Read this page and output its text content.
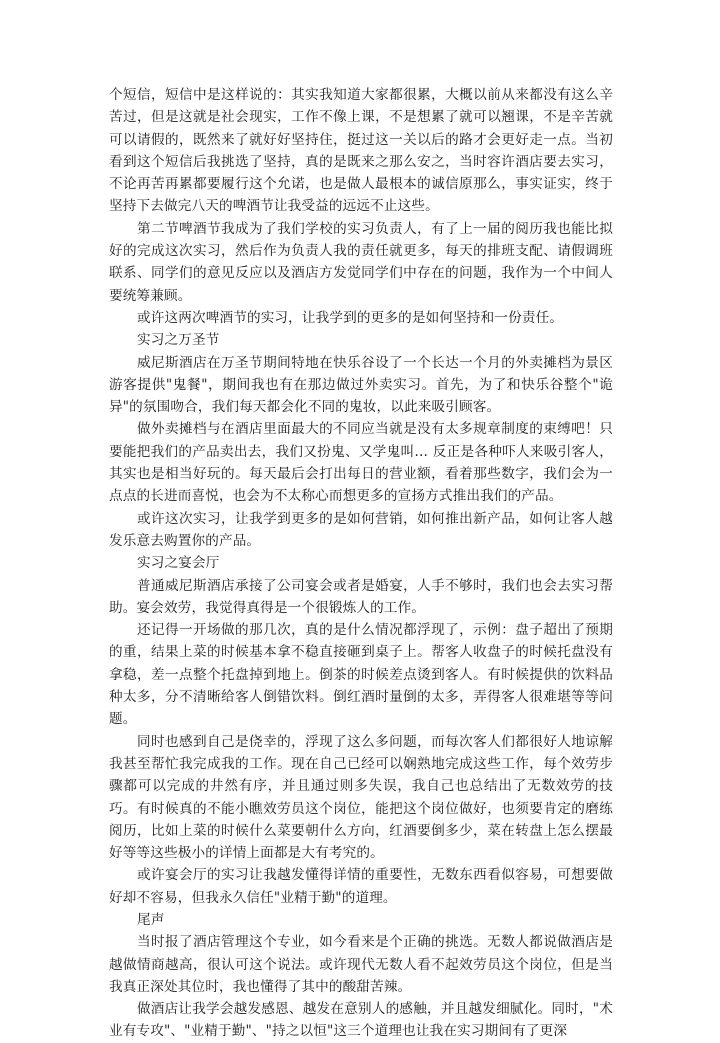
个短信，短信中是这样说的：其实我知道大家都很累，大概以前从来都没有这么辛苦过，但是这就是社会现实，工作不像上课，不是想累了就可以翘课，不是辛苦就可以请假的，既然来了就好好坚持住，挺过这一关以后的路才会更好走一点。当初看到这个短信后我挑选了坚持，真的是既来之那么安之，当时容许酒店要去实习，不论再苦再累都要履行这个允诺，也是做人最根本的诚信原那么，事实证实，终于坚持下去做完八天的啤酒节让我受益的远远不止这些。

第二节啤酒节我成为了我们学校的实习负责人，有了上一届的阅历我也能比拟好的完成这次实习，然后作为负责人我的责任就更多，每天的排班支配、请假调班联系、同学们的意见反应以及酒店方发觉同学们中存在的问题，我作为一个中间人要统筹兼顾。

或许这两次啤酒节的实习，让我学到的更多的是如何坚持和一份责任。

实习之万圣节

威尼斯酒店在万圣节期间特地在快乐谷设了一个长达一个月的外卖摊档为景区游客提供"鬼餐"，期间我也有在那边做过外卖实习。首先，为了和快乐谷整个"诡异"的氛围吻合，我们每天都会化不同的鬼妆，以此来吸引顾客。

做外卖摊档与在酒店里面最大的不同应当就是没有太多规章制度的束缚吧！只要能把我们的产品卖出去，我们又扮鬼、又学鬼叫… 反正是各种吓人来吸引客人，其实也是相当好玩的。每天最后会打出每日的营业额，看着那些数字，我们会为一点点的长进而喜悦，也会为不太称心而想更多的宣扬方式推出我们的产品。

或许这次实习，让我学到更多的是如何营销，如何推出新产品，如何让客人越发乐意去购置你的产品。

实习之宴会厅

普通威尼斯酒店承接了公司宴会或者是婚宴，人手不够时，我们也会去实习帮助。宴会效劳，我觉得真得是一个很锻炼人的工作。

还记得一开场做的那几次，真的是什么情况都浮现了，示例：盘子超出了预期的重，结果上菜的时候基本拿不稳直接砸到桌子上。帮客人收盘子的时候托盘没有拿稳，差一点整个托盘掉到地上。倒茶的时候差点烫到客人。有时候提供的饮料品种太多，分不清晰给客人倒错饮料。倒红酒时量倒的太多，弄得客人很难堪等等问题。

同时也感到自己是侥幸的，浮现了这么多问题，而每次客人们都很好人地谅解我甚至帮忙我完成我的工作。现在自己已经可以娴熟地完成这些工作，每个效劳步骤都可以完成的井然有序，并且通过则多失误，我自己也总结出了无数效劳的技巧。有时候真的不能小瞧效劳员这个岗位，能把这个岗位做好，也须要肯定的磨练阅历，比如上菜的时候什么菜要朝什么方向，红酒要倒多少，菜在转盘上怎么摆最好等等这些极小的详情上面都是大有考究的。

或许宴会厅的实习让我越发懂得详情的重要性，无数东西看似容易，可想要做好却不容易，但我永久信任"业精于勤"的道理。

尾声

当时报了酒店管理这个专业，如今看来是个正确的挑选。无数人都说做酒店是越做情商越高，很认可这个说法。或许现代无数人看不起效劳员这个岗位，但是当我真正深处其位时，我也懂得了其中的酸甜苦辣。

做酒店让我学会越发感恩、越发在意别人的感触，并且越发细腻化。同时，"术业有专攻"、"业精于勤"、"持之以恒"这三个道理也让我在实习期间有了更深
